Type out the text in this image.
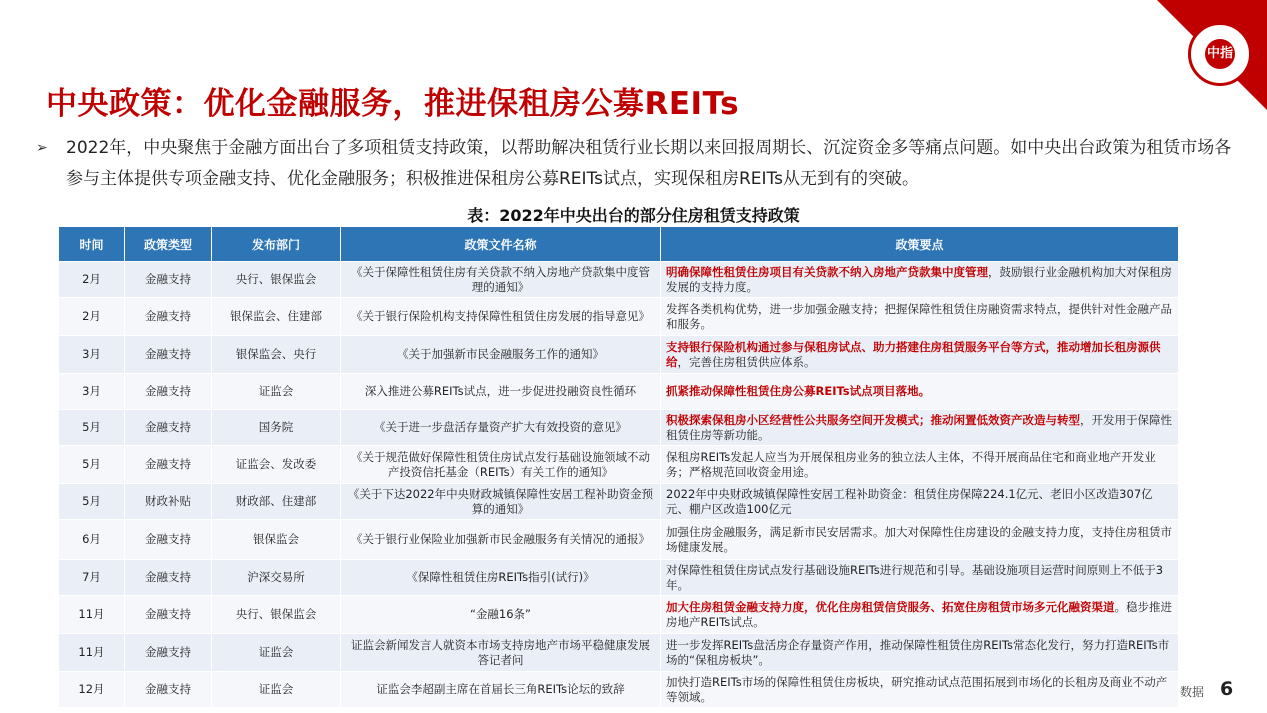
中指
中央政策：优化金融服务，推进保租房公募REITs
➢ 2022年，中央聚焦于金融方面出台了多项租赁支持政策，以帮助解决租赁行业长期以来回报周期长、沉淀资金多等痛点问题。如中央出台政策为租赁市场各参与主体提供专项金融支持、优化金融服务；积极推进保租房公募REITs试点，实现保租房REITs从无到有的突破。
表：2022年中央出台的部分住房租赁支持政策
时间	政策类型	发布部门	政策文件名称	政策要点
2月	金融支持	央行、银保监会	《关于保障性租赁住房有关贷款不纳入房地产贷款集中度管理的通知》	明确保障性租赁住房项目有关贷款不纳入房地产贷款集中度管理，鼓励银行业金融机构加大对保租房发展的支持力度。
2月	金融支持	银保监会、住建部	《关于银行保险机构支持保障性租赁住房发展的指导意见》	发挥各类机构优势，进一步加强金融支持；把握保障性租赁住房融资需求特点，提供针对性金融产品和服务。
3月	金融支持	银保监会、央行	《关于加强新市民金融服务工作的通知》	支持银行保险机构通过参与保租房试点、助力搭建住房租赁服务平台等方式，推动增加长租房源供给，完善住房租赁供应体系。
3月	金融支持	证监会	深入推进公募REITs试点，进一步促进投融资良性循环	抓紧推动保障性租赁住房公募REITs试点项目落地。
5月	金融支持	国务院	《关于进一步盘活存量资产扩大有效投资的意见》	积极探索保租房小区经营性公共服务空间开发模式；推动闲置低效资产改造与转型，开发用于保障性租赁住房等新功能。
5月	金融支持	证监会、发改委	《关于规范做好保障性租赁住房试点发行基础设施领域不动产投资信托基金（REITs）有关工作的通知》	保租房REITs发起人应当为开展保租房业务的独立法人主体，不得开展商品住宅和商业地产开发业务；严格规范回收资金用途。
5月	财政补贴	财政部、住建部	《关于下达2022年中央财政城镇保障性安居工程补助资金预算的通知》	2022年中央财政城镇保障性安居工程补助资金：租赁住房保障224.1亿元、老旧小区改造307亿元、棚户区改造100亿元
6月	金融支持	银保监会	《关于银行业保险业加强新市民金融服务有关情况的通报》	加强住房金融服务，满足新市民安居需求。加大对保障性住房建设的金融支持力度，支持住房租赁市场健康发展。
7月	金融支持	沪深交易所	《保障性租赁住房REITs指引(试行)》	对保障性租赁住房试点发行基础设施REITs进行规范和引导。基础设施项目运营时间原则上不低于3年。
11月	金融支持	央行、银保监会	“金融16条”	加大住房租赁金融支持力度，优化住房租赁信贷服务、拓宽住房租赁市场多元化融资渠道。稳步推进房地产REITs试点。
11月	金融支持	证监会	证监会新闻发言人就资本市场支持房地产市场平稳健康发展答记者问	进一步发挥REITs盘活房企存量资产作用，推动保障性租赁住房REITs常态化发行，努力打造REITs市场的“保租房板块”。
12月	金融支持	证监会	证监会李超副主席在首届长三角REITs论坛的致辞	加快打造REITs市场的保障性租赁住房板块，研究推动试点范围拓展到市场化的长租房及商业不动产等领域。	数据 6
